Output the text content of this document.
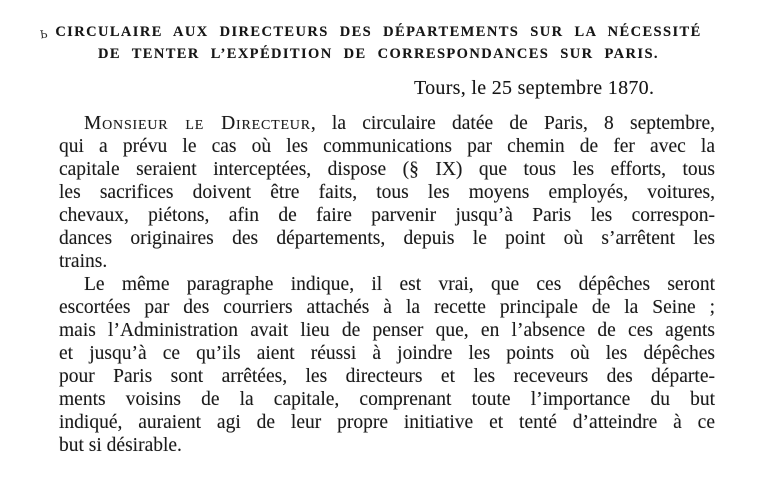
Ь CIRCULAIRE AUX DIRECTEURS DES DÉPARTEMENTS SUR LA NÉCESSITÉ
DE TENTER L’EXPÉDITION DE CORRESPONDANCES SUR PARIS.
Tours, le 25 septembre 1870.
Monsieur le Directeur, la circulaire datée de Paris, 8 septembre,
qui a prévu le cas où les communications par chemin de fer avec la
capitale seraient interceptées, dispose (§ IX) que tous les efforts, tous
les sacrifices doivent être faits, tous les moyens employés, voitures,
chevaux, piétons, afin de faire parvenir jusqu’à Paris les correspon-
dances originaires des départements, depuis le point où s’arrêtent les
trains.
Le même paragraphe indique, il est vrai, que ces dépêches seront
escortées par des courriers attachés à la recette principale de la Seine ;
mais l’Administration avait lieu de penser que, en l’absence de ces agents
et jusqu’à ce qu’ils aient réussi à joindre les points où les dépêches
pour Paris sont arrêtées, les directeurs et les receveurs des départe-
ments voisins de la capitale, comprenant toute l’importance du but
indiqué, auraient agi de leur propre initiative et tenté d’atteindre à ce
but si désirable.
